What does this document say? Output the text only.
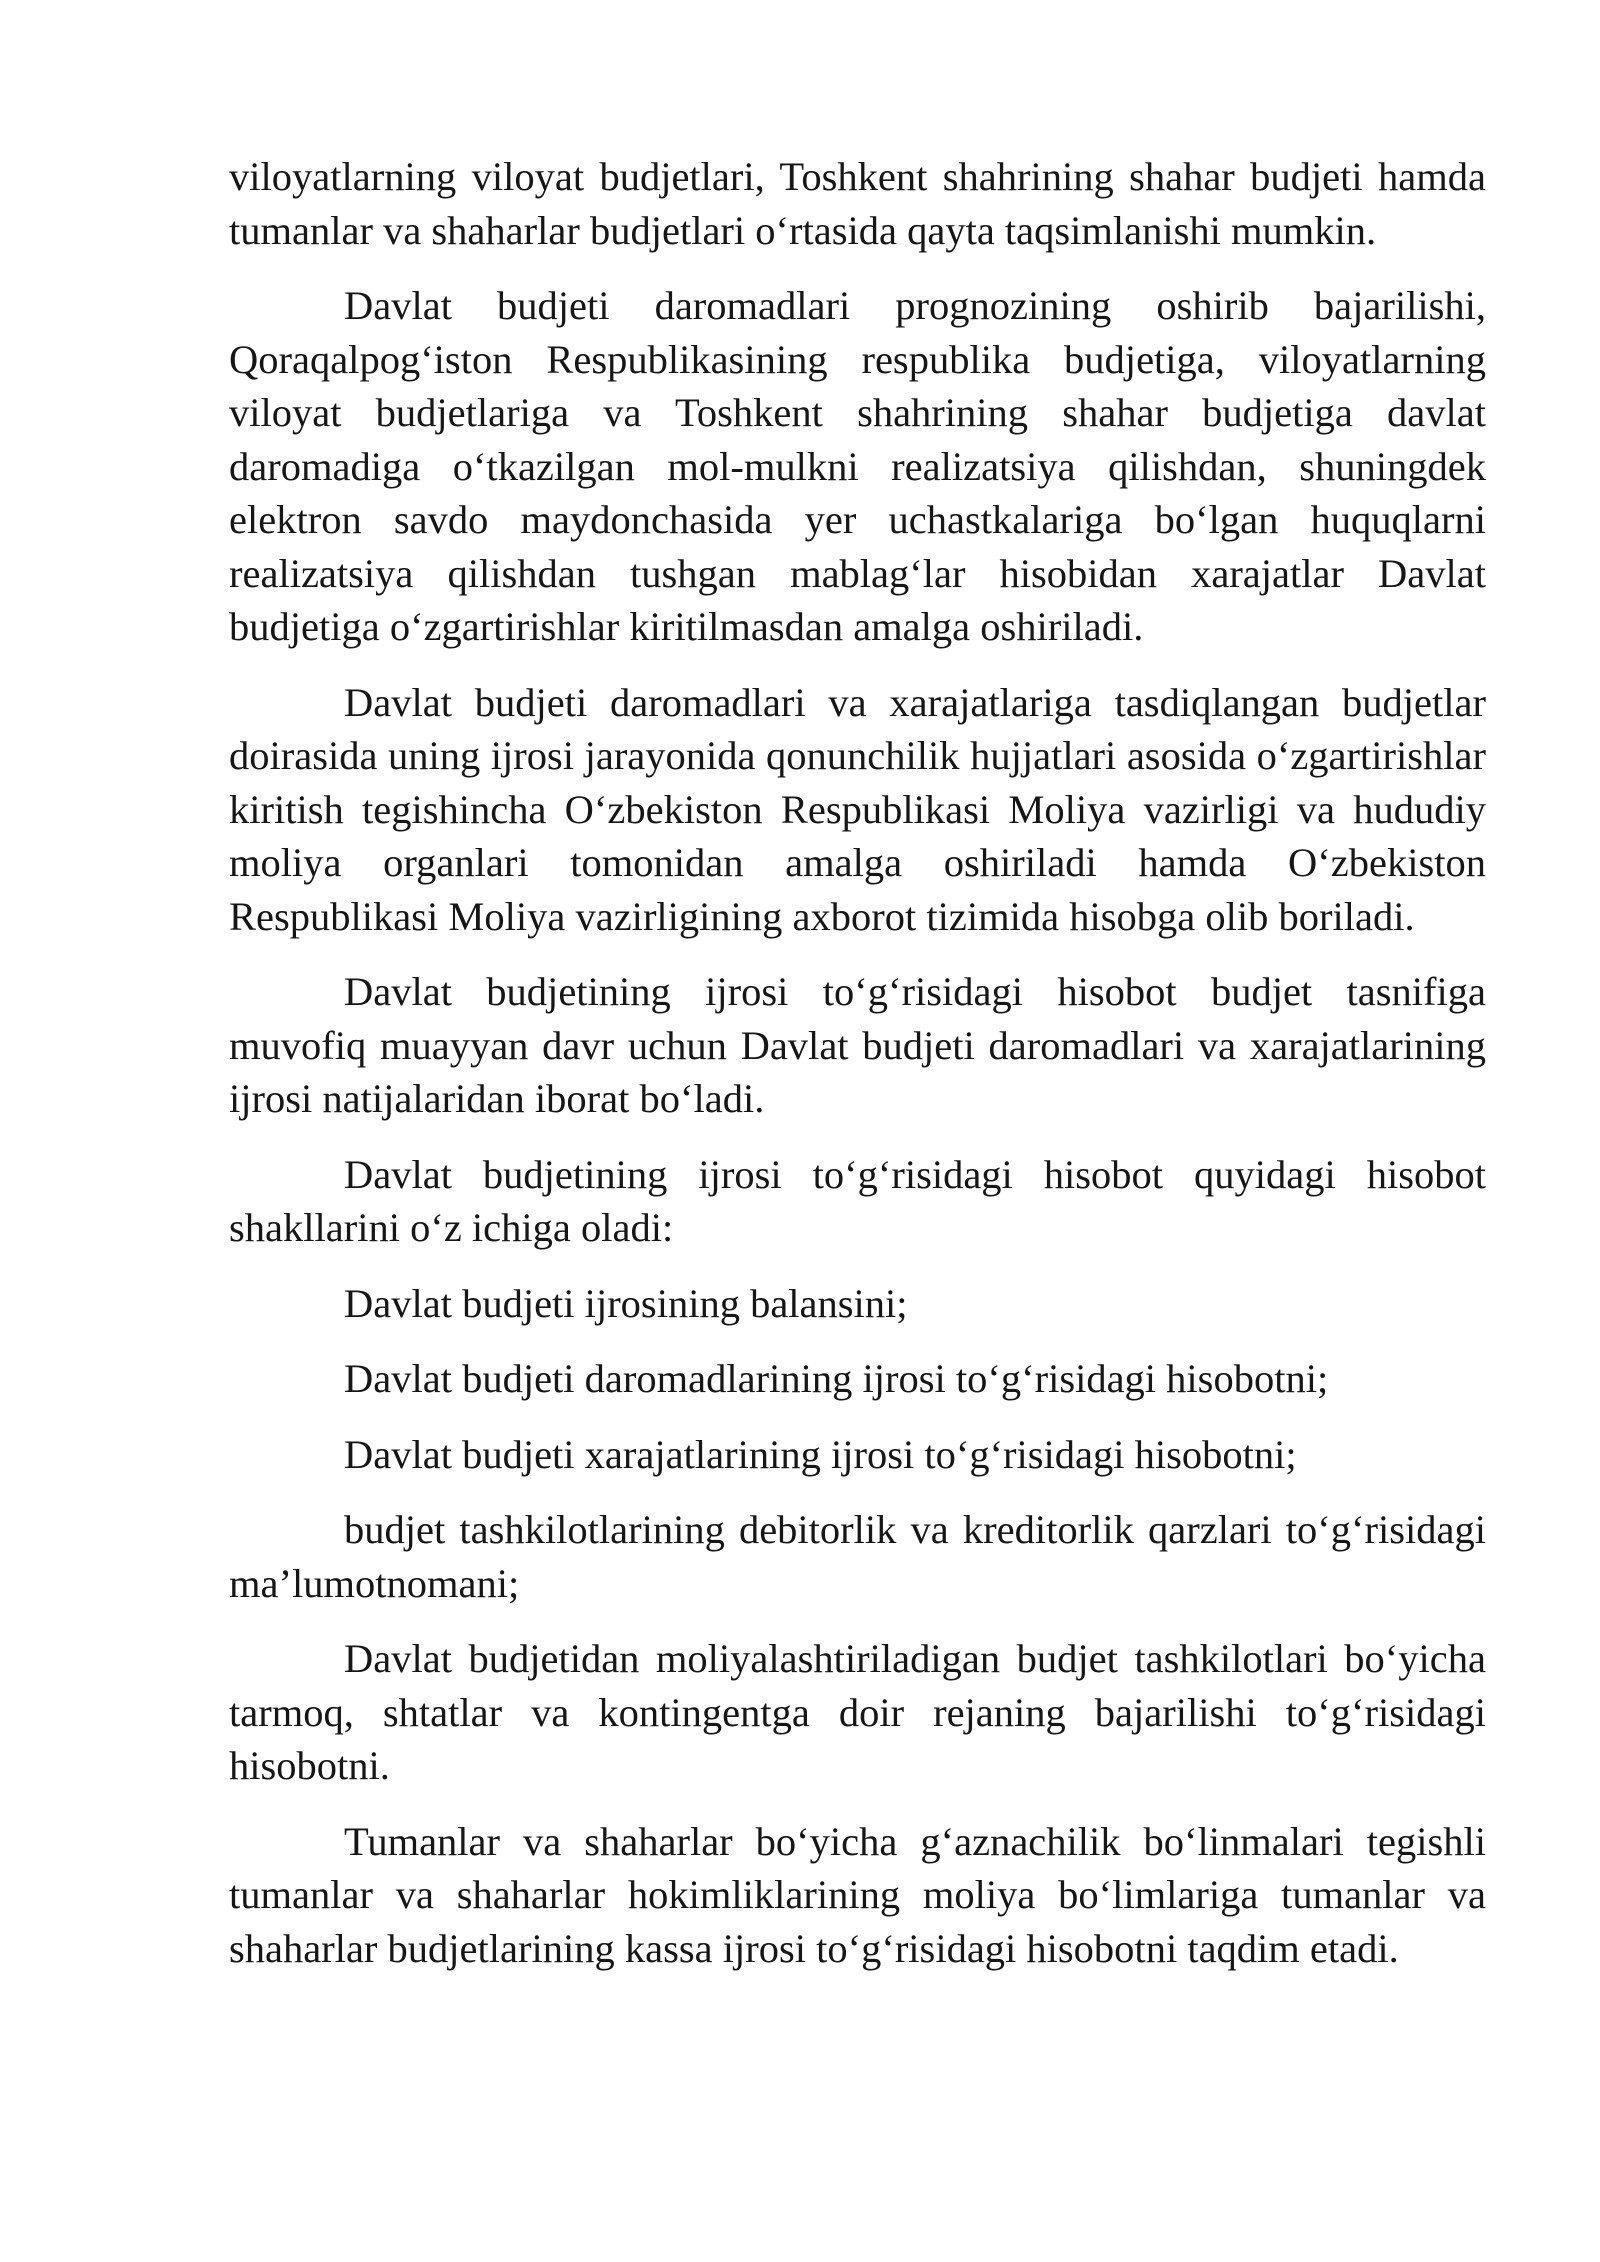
viloyatlarning viloyat budjetlari, Toshkent shahrining shahar budjeti hamda tumanlar va shaharlar budjetlari o‘rtasida qayta taqsimlanishi mumkin.

Davlat budjeti daromadlari prognozining oshirib bajarilishi, Qoraqalpog‘iston Respublikasining respublika budjetiga, viloyatlarning viloyat budjetlariga va Toshkent shahrining shahar budjetiga davlat daromadiga o‘tkazilgan mol-mulkni realizatsiya qilishdan, shuningdek elektron savdo maydonchasida yer uchastkalariga bo‘lgan huquqlarni realizatsiya qilishdan tushgan mablag‘lar hisobidan xarajatlar Davlat budjetiga o‘zgartirishlar kiritilmasdan amalga oshiriladi.

Davlat budjeti daromadlari va xarajatlariga tasdiqlangan budjetlar doirasida uning ijrosi jarayonida qonunchilik hujjatlari asosida o‘zgartirishlar kiritish tegishincha O‘zbekiston Respublikasi Moliya vazirligi va hududiy moliya organlari tomonidan amalga oshiriladi hamda O‘zbekiston Respublikasi Moliya vazirligining axborot tizimida hisobga olib boriladi.

Davlat budjetining ijrosi to‘g‘risidagi hisobot budjet tasnifiga muvofiq muayyan davr uchun Davlat budjeti daromadlari va xarajatlarining ijrosi natijalaridan iborat bo‘ladi.

Davlat budjetining ijrosi to‘g‘risidagi hisobot quyidagi hisobot shakllarini o‘z ichiga oladi:

Davlat budjeti ijrosining balansini;

Davlat budjeti daromadlarining ijrosi to‘g‘risidagi hisobotni;

Davlat budjeti xarajatlarining ijrosi to‘g‘risidagi hisobotni;

budjet tashkilotlarining debitorlik va kreditorlik qarzlari to‘g‘risidagi ma’lumotnomani;

Davlat budjetidan moliyalashtiriladigan budjet tashkilotlari bo‘yicha tarmoq, shtatlar va kontingentga doir rejaning bajarilishi to‘g‘risidagi hisobotni.

Tumanlar va shaharlar bo‘yicha g‘aznachilik bo‘linmalari tegishli tumanlar va shaharlar hokimliklarining moliya bo‘limlariga tumanlar va shaharlar budjetlarining kassa ijrosi to‘g‘risidagi hisobotni taqdim etadi.
